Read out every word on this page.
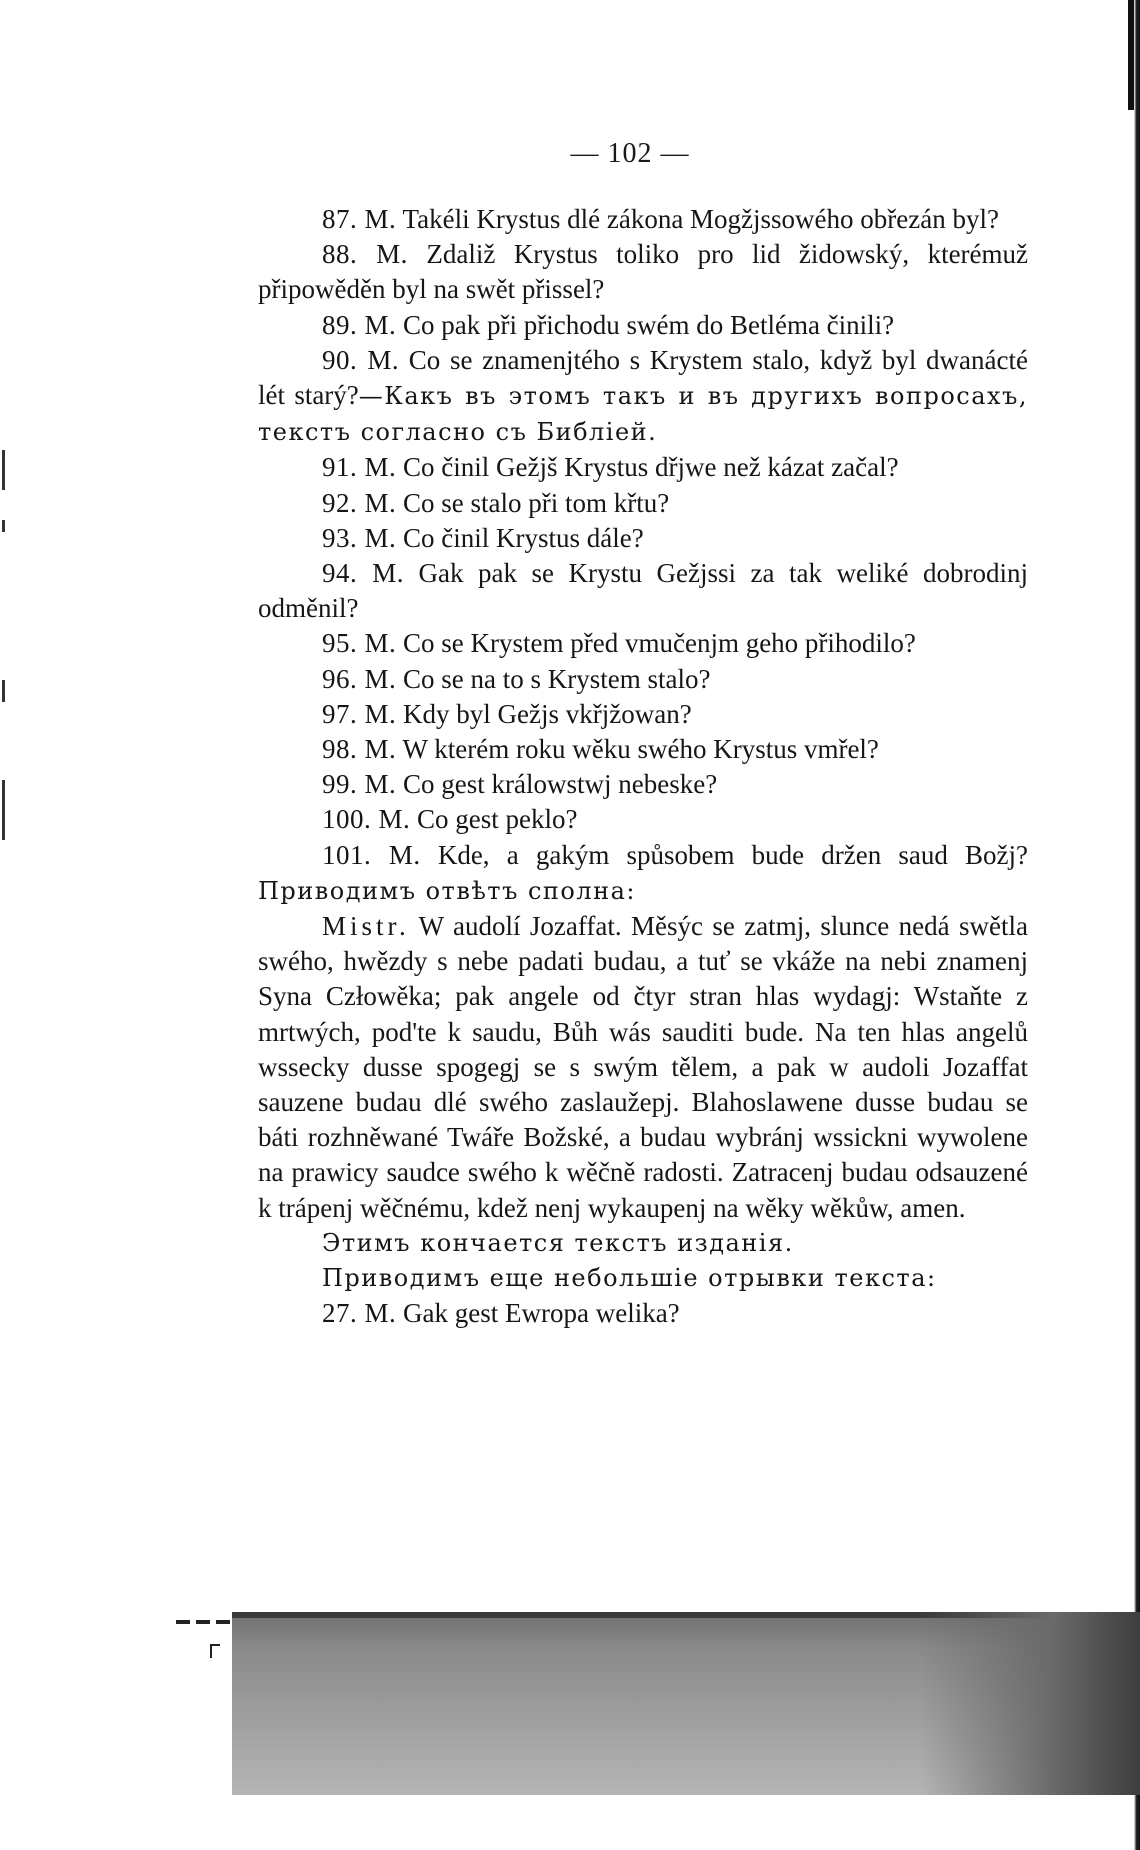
— 102 —

87. M. Takéli Krystus dlé zákona Mogžjssowého obřezán byl?

88. M. Zdaliž Krystus toliko pro lid židowský, kterémuž připowěděn byl na swět přissel?

89. M. Co pak při přichodu swém do Betléma činili?

90. M. Co se znamenjtého s Krystem stalo, když byl dwanácté lét starý?—Какъ въ этомъ такъ и въ другихъ вопросахъ, текстъ согласно съ Библiей.

91. M. Co činil Gežjš Krystus dřjwe než kázat začal?

92. M. Co se stalo při tom křtu?

93. M. Co činil Krystus dále?

94. M. Gak pak se Krystu Gežjssi za tak weliké dobrodinj odměnil?

95. M. Co se Krystem před vmučenjm geho přihodilo?

96. M. Co se na to s Krystem stalo?

97. M. Kdy byl Gežjs vkřjžowan?

98. M. W kterém roku wěku swého Krystus vmřel?

99. M. Co gest králowstwj nebeske?

100. M. Co gest peklo?

101. M. Kde, a gakým spůsobem bude držen saud Božj? Приводимъ отвѣтъ сполна:

Mistr. W audolí Jozaffat. Měsýc se zatmj, slunce nedá swětla swého, hwězdy s nebe padati budau, a tuť se vkáže na nebi znamenj Syna Człowěka; pak angele od čtyr stran hlas wydagj: Wstaňte z mrtwých, pod'te k saudu, Bůh wás sauditi bude. Na ten hlas angelů wssecky dusse spogegj se s swým tělem, a pak w audoli Jozaffat sauzene budau dlé swého zaslaužepj. Blahoslawene dusse budau se báti rozhněwané Twáře Božské, a budau wybránj wssickni wywolene na prawicy saudce swého k wěčně radosti. Zatracenj budau odsauzené k trápenj wěčnému, kdež nenj wykaupenj na wěky wěkůw, amen.

Этимъ кончается текстъ изданiя.

Приводимъ еще небольшiе отрывки текста:

27. M. Gak gest Ewropa welika?
